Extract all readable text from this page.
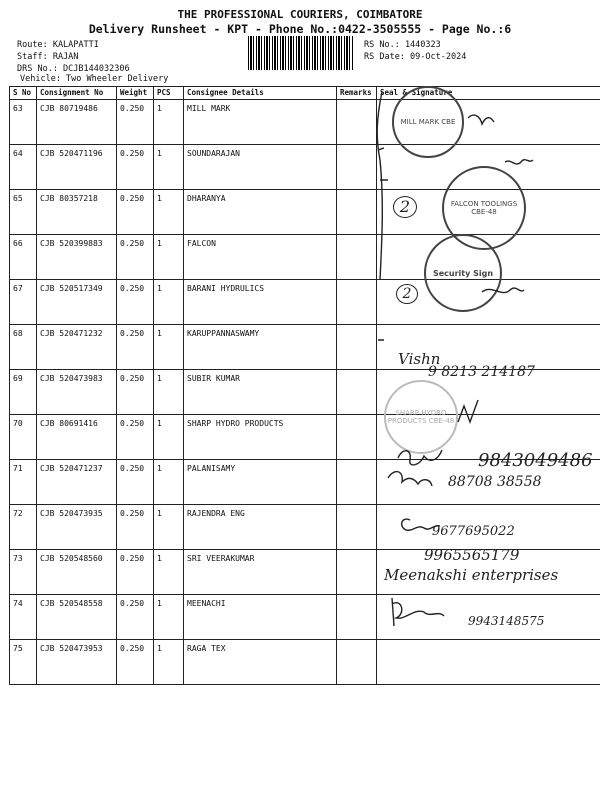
THE PROFESSIONAL COURIERS, COIMBATORE
Delivery Runsheet - KPT - Phone No.:0422-3505555 - Page No.:6
Route: KALAPATTI
Staff: RAJAN
DRS No.: DCJB144032306
Vehicle: Two Wheeler Delivery
RS No.: 1440323
RS Date: 09-Oct-2024
S No	Consignment No	Weight	PCS	Consignee Details	Remarks	Seal & Signature
63	CJB 80719486	0.250	1	MILL MARK		
64	CJB 520471196	0.250	1	SOUNDARAJAN		
65	CJB 80357218	0.250	1	DHARANYA		
66	CJB 520399883	0.250	1	FALCON		
67	CJB 520517349	0.250	1	BARANI HYDRULICS		
68	CJB 520471232	0.250	1	KARUPPANNASWAMY		
69	CJB 520473983	0.250	1	SUBIR KUMAR		
70	CJB 80691416	0.250	1	SHARP HYDRO PRODUCTS		
71	CJB 520471237	0.250	1	PALANISAMY		
72	CJB 520473935	0.250	1	RAJENDRA ENG		
73	CJB 520548560	0.250	1	SRI VEERAKUMAR		
74	CJB 520548558	0.250	1	MEENACHI		
75	CJB 520473953	0.250	1	RAGA TEX		
MILL MARK CBE
FALCON TOOLINGS CBE-48
Security Sign
SHARP HYDRO PRODUCTS CBE-48
2
2
Vishn
9 8213 214187
9843049486
88708 38558
9677695022
9965565179
Meenakshi enterprises
9943148575
